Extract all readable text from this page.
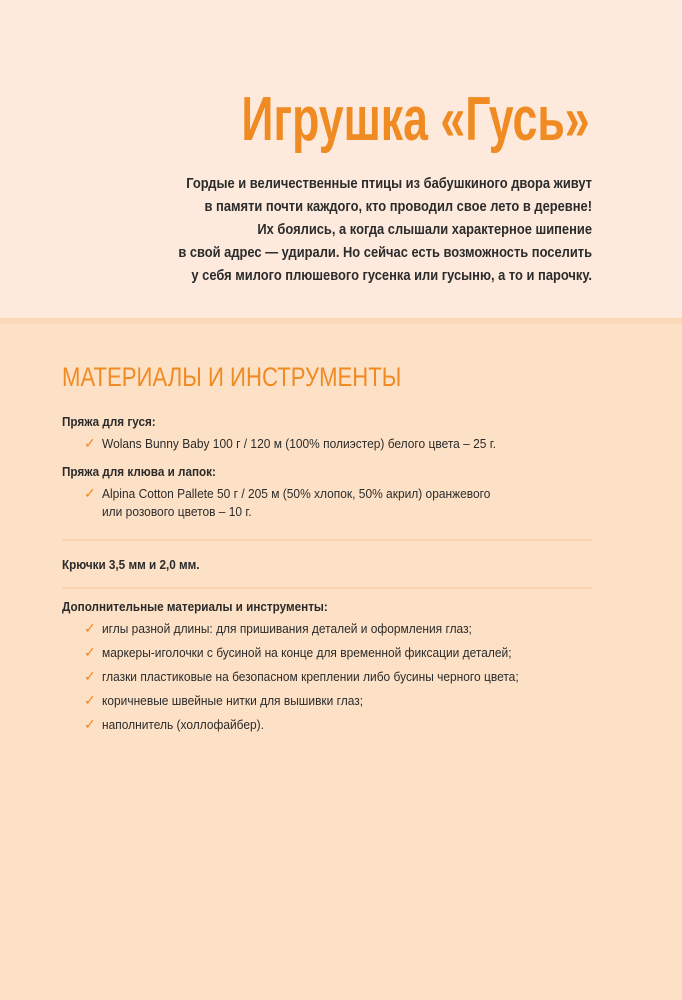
Игрушка «Гусь»
Гордые и величественные птицы из бабушкиного двора живут
в памяти почти каждого, кто проводил свое лето в деревне!
Их боялись, а когда слышали характерное шипение
в свой адрес — удирали. Но сейчас есть возможность поселить
у себя милого плюшевого гусенка или гусыню, а то и парочку.
МАТЕРИАЛЫ И ИНСТРУМЕНТЫ
Пряжа для гуся:
✓ Wolans Bunny Baby 100 г / 120 м (100% полиэстер) белого цвета – 25 г.
Пряжа для клюва и лапок:
✓ Alpina Cotton Pallete 50 г / 205 м (50% хлопок, 50% акрил) оранжевого
или розового цветов – 10 г.
Крючки 3,5 мм и 2,0 мм.
Дополнительные материалы и инструменты:
✓ иглы разной длины: для пришивания деталей и оформления глаз;
✓ маркеры-иголочки с бусиной на конце для временной фиксации деталей;
✓ глазки пластиковые на безопасном креплении либо бусины черного цвета;
✓ коричневые швейные нитки для вышивки глаз;
✓ наполнитель (холлофайбер).
